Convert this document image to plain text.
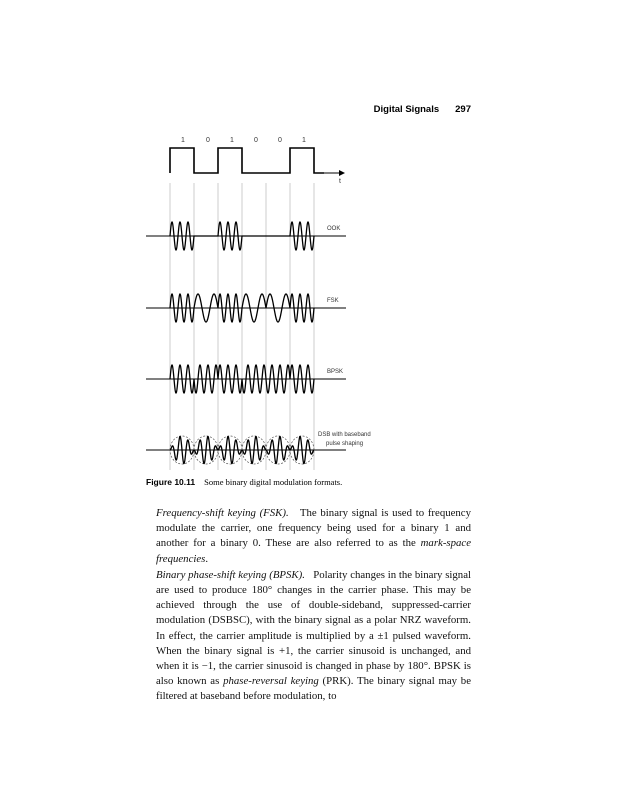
Digital Signals 297
1	0	1	0	0	1
t
OOK
FSK
BPSK
DSB with baseband
pulse shaping
Figure 10.11 Some binary digital modulation formats.

Frequency-shift keying (FSK). The binary signal is used to frequency modulate the carrier, one frequency being used for a binary 1 and another for a binary 0. These are also referred to as the mark-space frequencies.

Binary phase-shift keying (BPSK). Polarity changes in the binary signal are used to produce 180° changes in the carrier phase. This may be achieved through the use of double-sideband, suppressed-carrier modulation (DSBSC), with the binary signal as a polar NRZ waveform. In effect, the carrier amplitude is multiplied by a ±1 pulsed waveform. When the binary signal is +1, the carrier sinusoid is unchanged, and when it is −1, the carrier sinusoid is changed in phase by 180°. BPSK is also known as phase-reversal keying (PRK). The binary signal may be filtered at baseband before modulation, to
